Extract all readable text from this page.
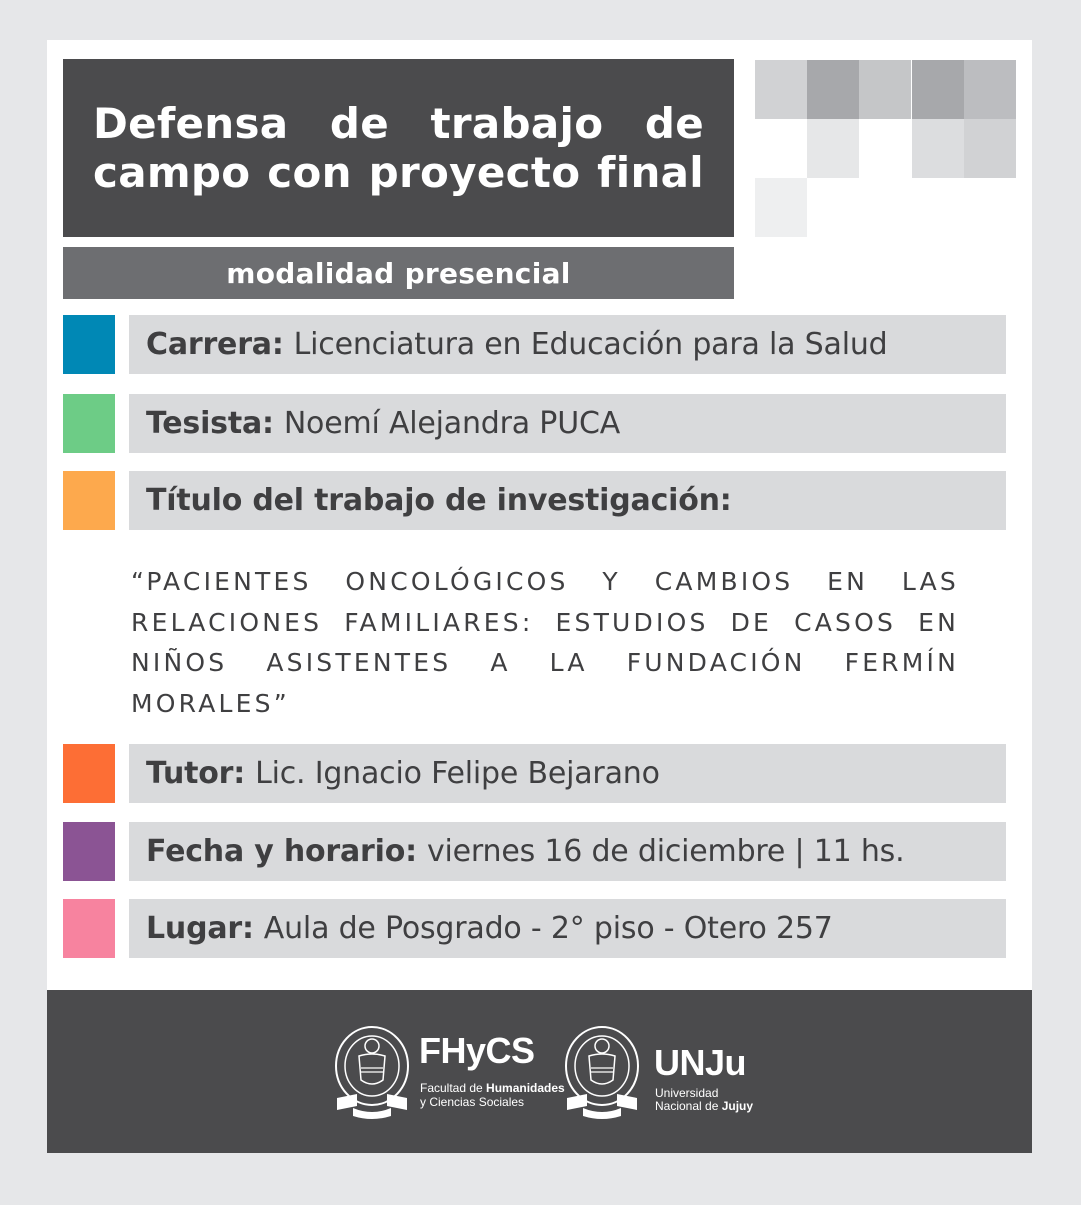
Defensa de trabajo de campo con proyecto final
modalidad presencial
Carrera: Licenciatura en Educación para la Salud
Tesista: Noemí Alejandra PUCA
Título del trabajo de investigación:

“PACIENTES ONCOLÓGICOS Y CAMBIOS EN LAS RELACIONES FAMILIARES: ESTUDIOS DE CASOS EN NIÑOS ASISTENTES A LA FUNDACIÓN FERMÍN MORALES”

Tutor: Lic. Ignacio Felipe Bejarano
Fecha y horario: viernes 16 de diciembre | 11 hs.
Lugar: Aula de Posgrado - 2° piso - Otero 257
FHyCS
Facultad de Humanidades
y Ciencias Sociales
UNJu
Universidad
Nacional de Jujuy
